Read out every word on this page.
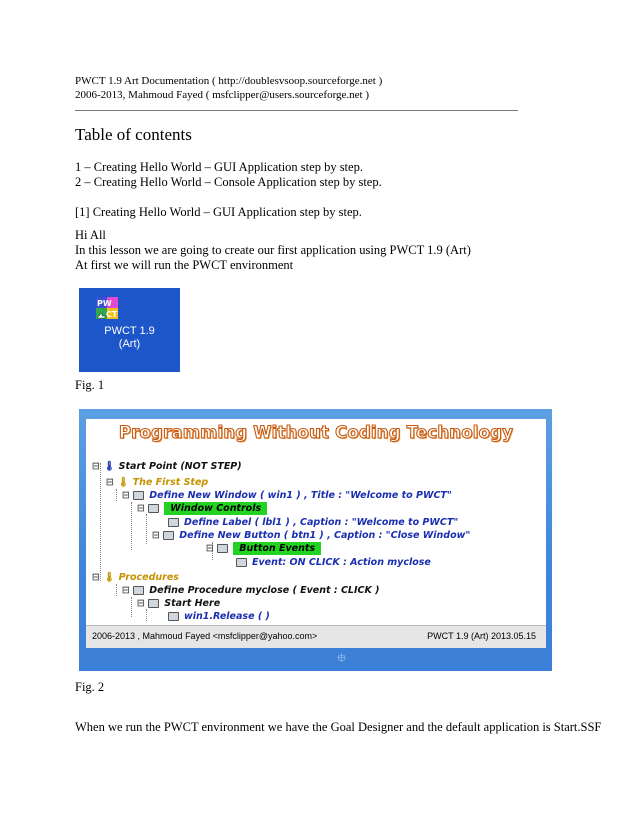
PWCT 1.9 Art Documentation ( http://doublesvsoop.sourceforge.net )
2006-2013, Mahmoud Fayed ( msfclipper@users.sourceforge.net )
Table of contents
1 – Creating Hello World – GUI Application step by step.
2 – Creating Hello World – Console Application step by step.
[1] Creating Hello World – GUI Application step by step.
Hi All
In this lesson we are going to create our first application using PWCT 1.9 (Art)
At first we will run the PWCT environment
PW
CT
PWCT 1.9
(Art)
Fig. 1
Programming Without Coding Technology
⊟ 🌡 Start Point (NOT STEP)
⊟ 🌡 The First Step
⊟ Define New Window ( win1 ) , Title : "Welcome to PWCT"
⊟	Window Controls
Define Label ( lbl1 ) , Caption : "Welcome to PWCT"
⊟ Define New Button ( btn1 ) , Caption : "Close Window"
⊟	Button Events
Event: ON CLICK : Action myclose
⊟ 🌡 Procedures
⊟ Define Procedure myclose ( Event : CLICK )
⊟ Start Here
win1.Release ( )
2006-2013 , Mahmoud Fayed <msfclipper@yahoo.com>	PWCT 1.9 (Art) 2013.05.15
⯐
Fig. 2
When we run the PWCT environment we have the Goal Designer and the default application is Start.SSF
